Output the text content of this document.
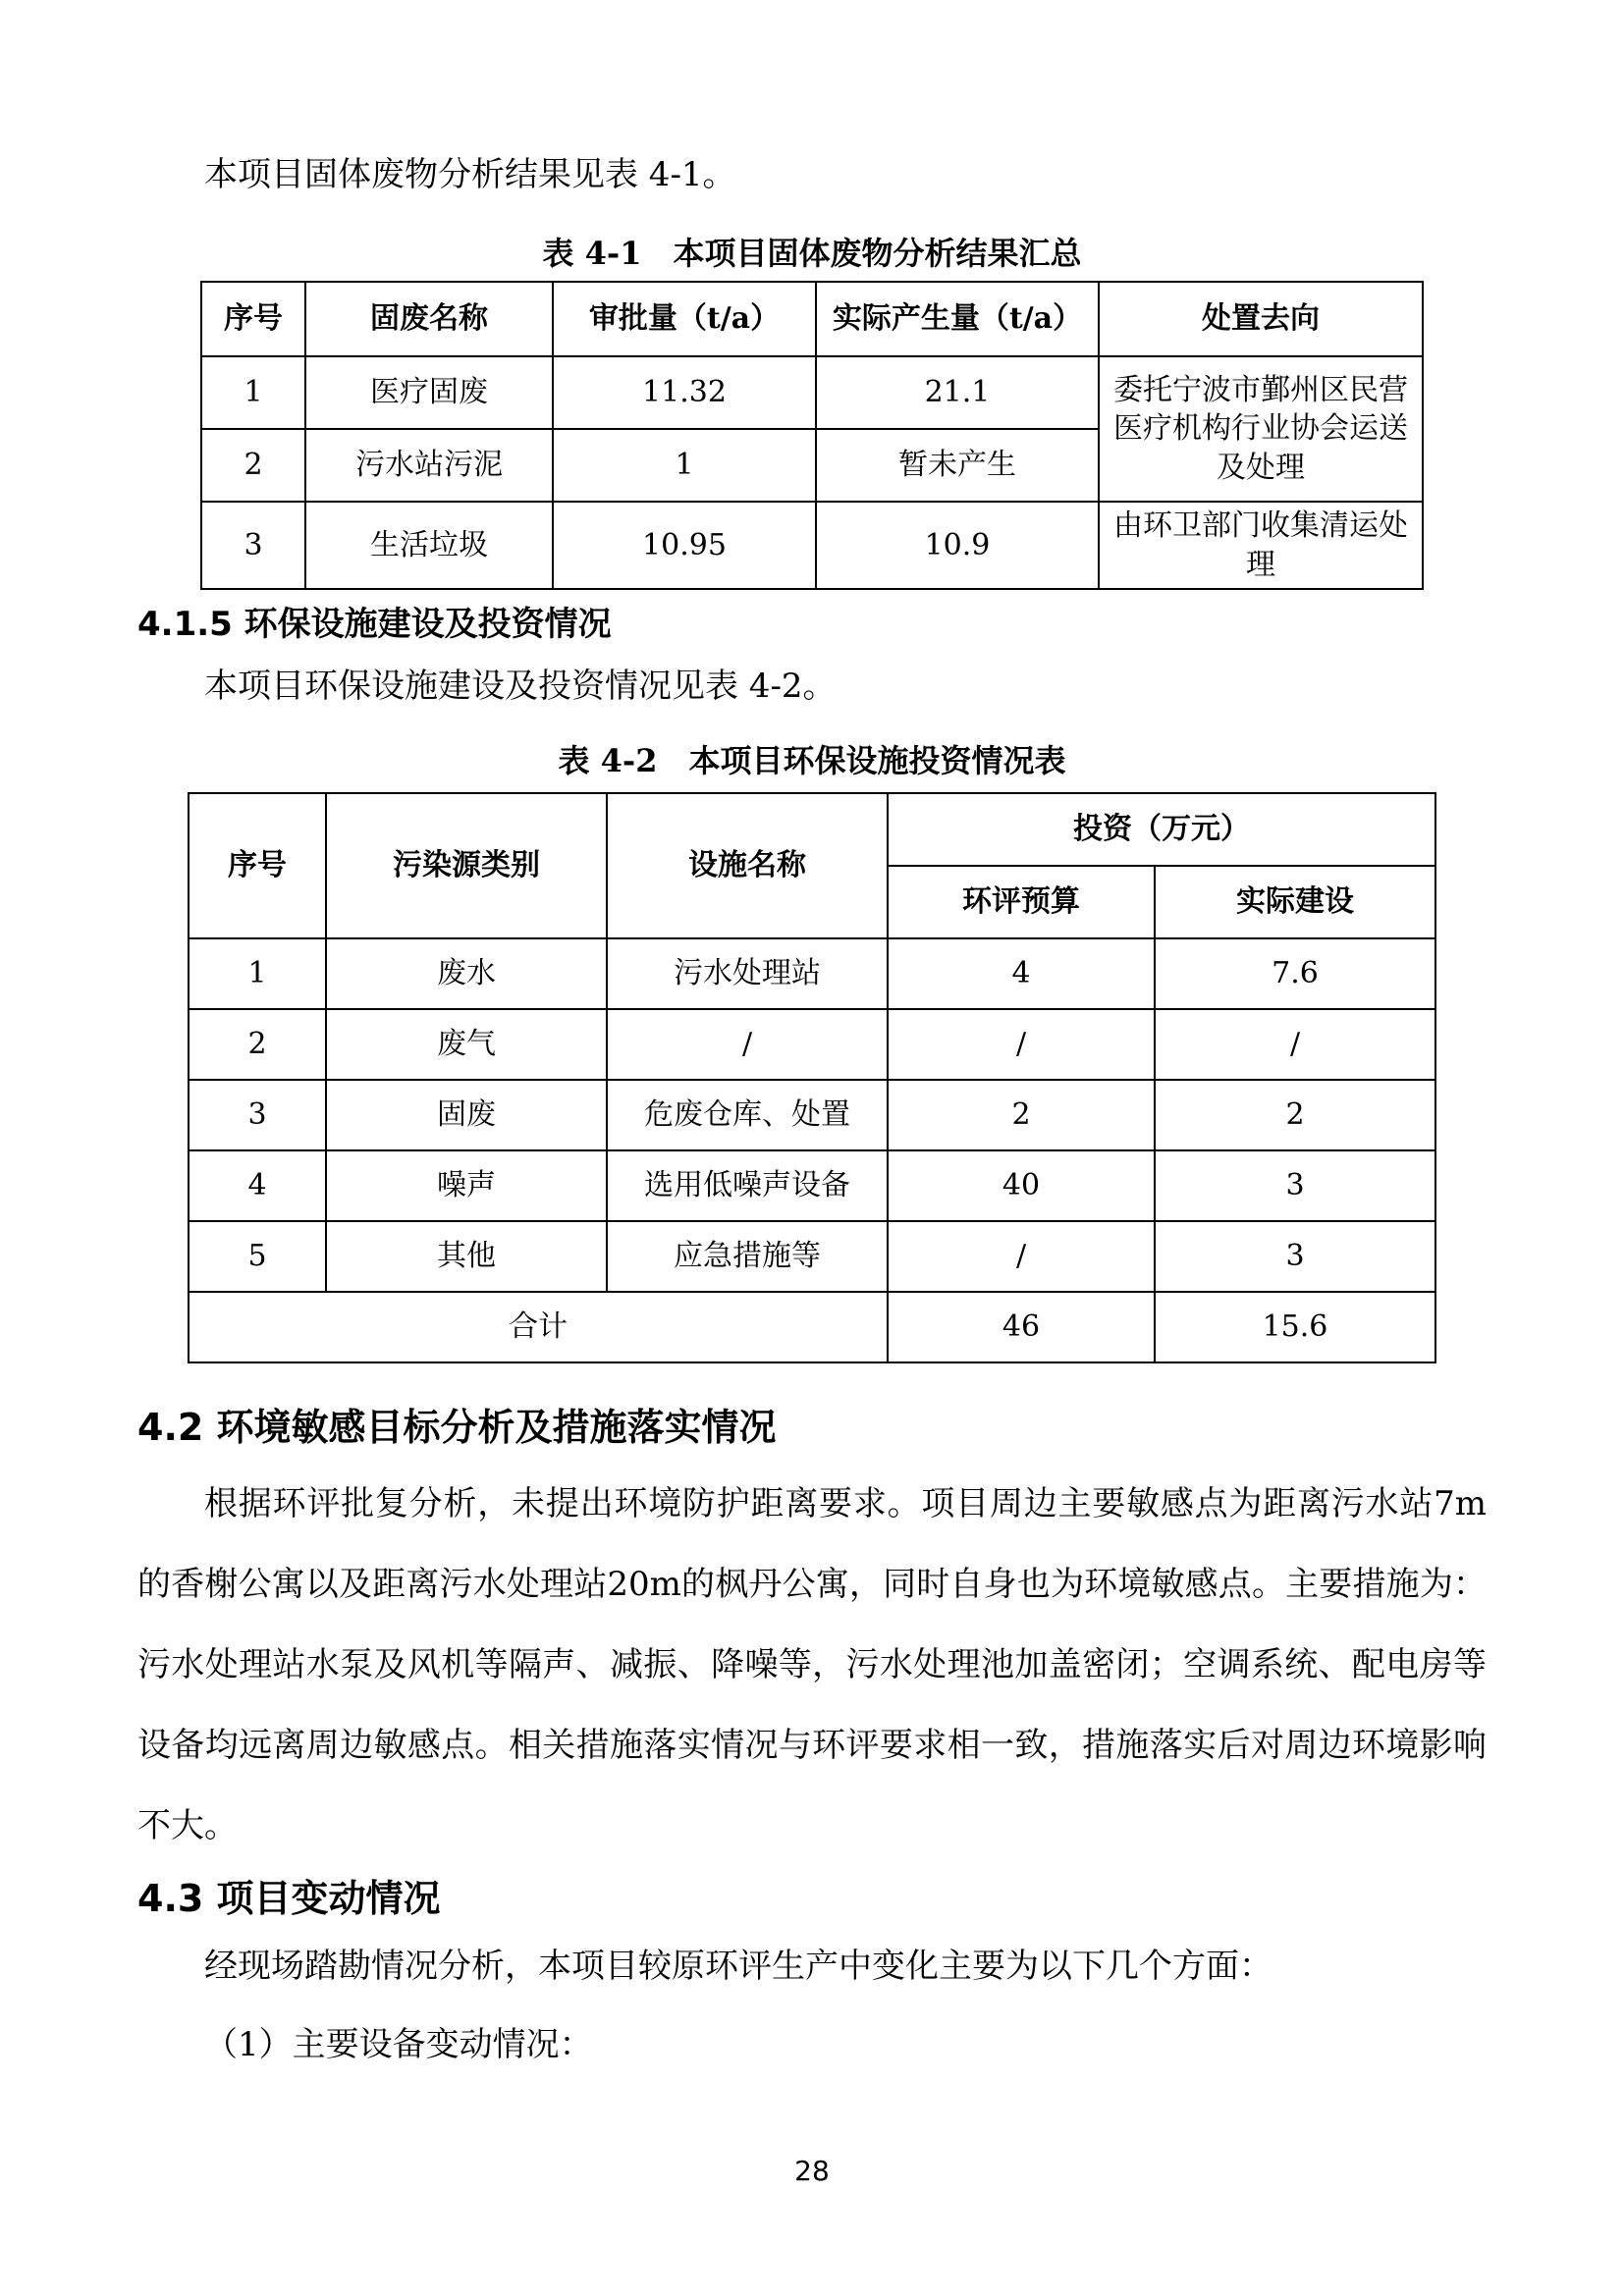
本项目固体废物分析结果见表 4-1。

表 4-1　本项目固体废物分析结果汇总
序号	固废名称	审批量（t/a）	实际产生量（t/a）	处置去向
1	医疗固废	11.32	21.1	委托宁波市鄞州区民营医疗机构行业协会运送及处理
2	污水站污泥	1	暂未产生	
3	生活垃圾	10.95	10.9	由环卫部门收集清运处理
4.1.5 环保设施建设及投资情况

本项目环保设施建设及投资情况见表 4-2。

表 4-2　本项目环保设施投资情况表
序号	污染源类别	设施名称	投资（万元）	
			环评预算	实际建设
1	废水	污水处理站	4	7.6
2	废气	/	/	/
3	固废	危废仓库、处置	2	2
4	噪声	选用低噪声设备	40	3
5	其他	应急措施等	/	3
合计			46	15.6
4.2 环境敏感目标分析及措施落实情况

根据环评批复分析，未提出环境防护距离要求。项目周边主要敏感点为距离污水站7m的香榭公寓以及距离污水处理站20m的枫丹公寓，同时自身也为环境敏感点。主要措施为：污水处理站水泵及风机等隔声、减振、降噪等，污水处理池加盖密闭；空调系统、配电房等设备均远离周边敏感点。相关措施落实情况与环评要求相一致，措施落实后对周边环境影响不大。

4.3 项目变动情况

经现场踏勘情况分析，本项目较原环评生产中变化主要为以下几个方面：

（1）主要设备变动情况：

28
